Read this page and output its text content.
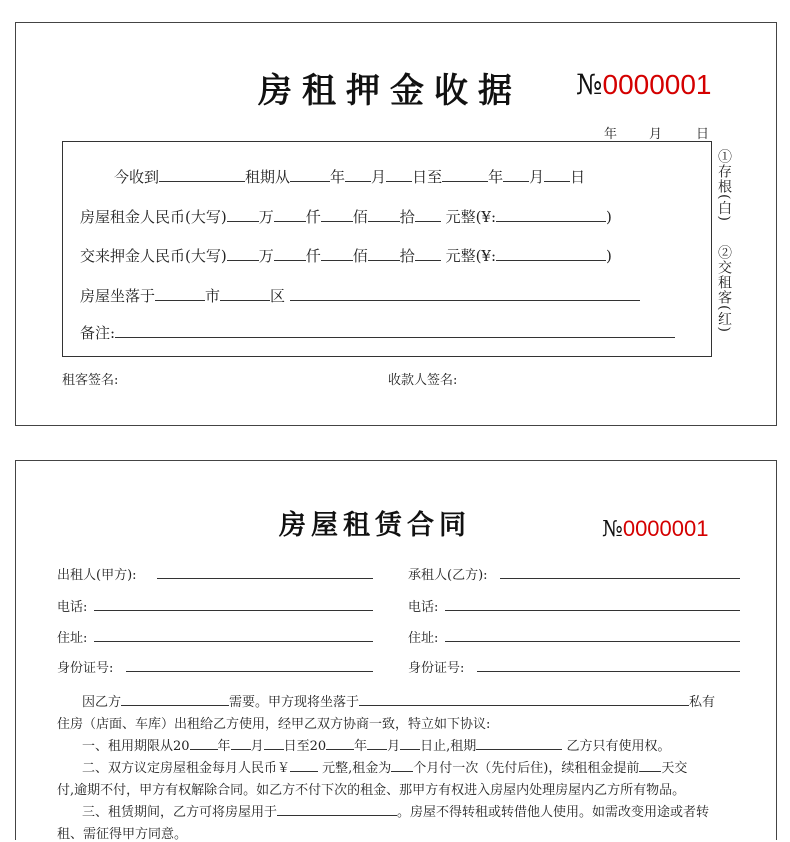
房租押金收据 №0000001
年 月	日
今收到	租期从	年 月 日至	年 月 日
房屋租金人民币(大写) 万 仟 佰 拾 元整(¥:	)
交来押金人民币(大写) 万 仟 佰 拾 元整(¥:	)
房屋坐落于	市	区
备注:
①存根(白)
②交租客(红)
租客签名:	收款人签名:
房屋租赁合同	№0000001
出租人(甲方):	承租人(乙方):
电话:	电话:
住址:	住址:
身份证号:	身份证号:
因乙方	需要。甲方现将坐落于	私有
住房（店面、车库）出租给乙方使用，经甲乙双方协商一致，特立如下协议:
一、租用期限从20 年 月 日至20 年 月 日止,租期	乙方只有使用权。
二、双方议定房屋租金每月人民币￥ 元整,租金为 个月付一次（先付后住)，续租租金提前 天交
付,逾期不付，甲方有权解除合同。如乙方不付下次的租金、那甲方有权进入房屋内处理房屋内乙方所有物品。
三、租赁期间，乙方可将房屋用于	。房屋不得转租或转借他人使用。如需改变用途或者转
租、需征得甲方同意。
